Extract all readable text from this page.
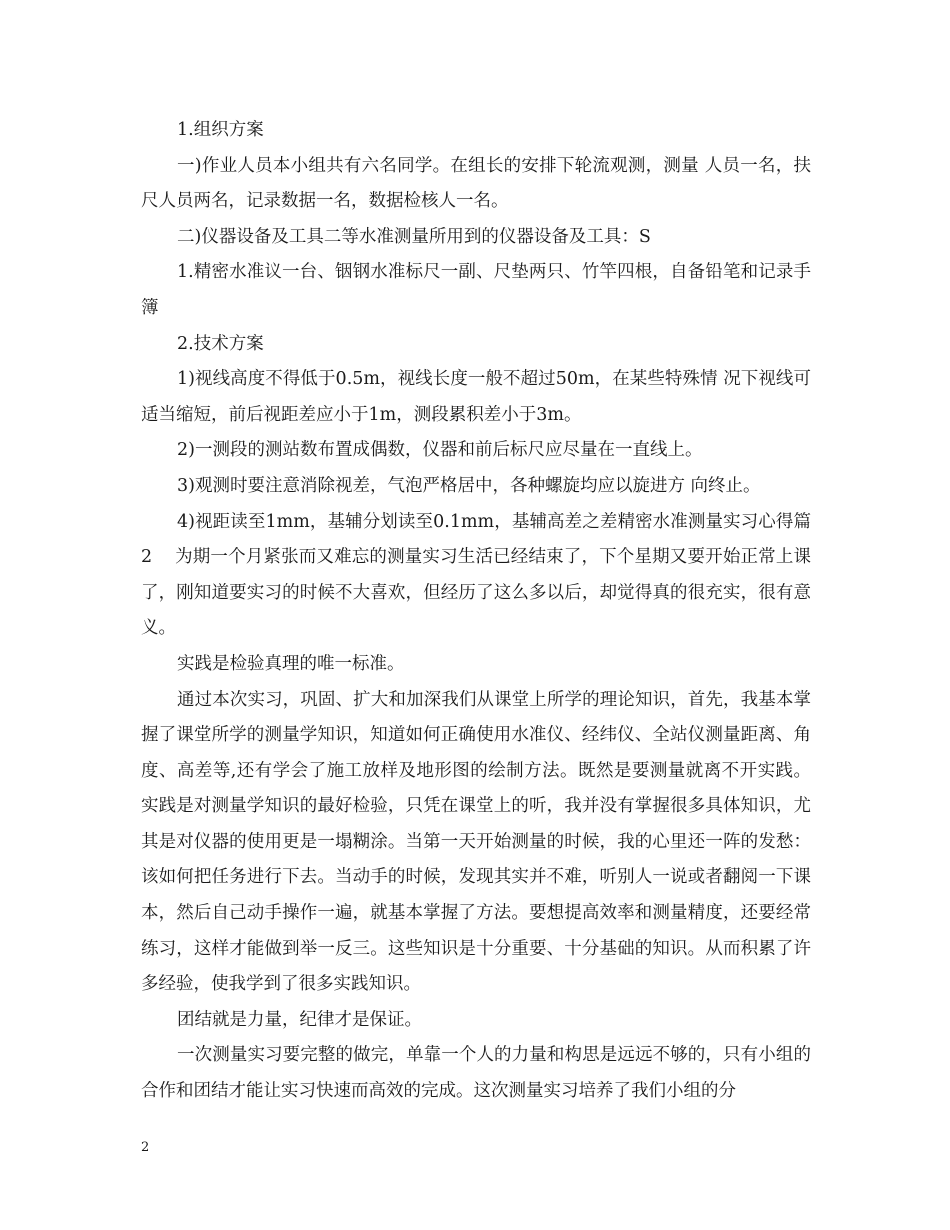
1.组织方案

一)作业人员本小组共有六名同学。在组长的安排下轮流观测，测量 人员一名，扶尺人员两名，记录数据一名，数据检核人一名。

二)仪器设备及工具二等水准测量所用到的仪器设备及工具：S

1.精密水准议一台、铟钢水准标尺一副、尺垫两只、竹竿四根，自备铅笔和记录手簿

2.技术方案

1)视线高度不得低于0.5m，视线长度一般不超过50m，在某些特殊情 况下视线可适当缩短，前后视距差应小于1m，测段累积差小于3m。

2)一测段的测站数布置成偶数，仪器和前后标尺应尽量在一直线上。

3)观测时要注意消除视差，气泡严格居中，各种螺旋均应以旋进方 向终止。

4)视距读至1mm，基辅分划读至0.1mm，基辅高差之差精密水准测量实习心得篇2    为期一个月紧张而又难忘的测量实习生活已经结束了，下个星期又要开始正常上课了，刚知道要实习的时候不大喜欢，但经历了这么多以后，却觉得真的很充实，很有意义。

实践是检验真理的唯一标准。

通过本次实习，巩固、扩大和加深我们从课堂上所学的理论知识，首先，我基本掌握了课堂所学的测量学知识，知道如何正确使用水准仪、经纬仪、全站仪测量距离、角度、高差等,还有学会了施工放样及地形图的绘制方法。既然是要测量就离不开实践。实践是对测量学知识的最好检验，只凭在课堂上的听，我并没有掌握很多具体知识，尤其是对仪器的使用更是一塌糊涂。当第一天开始测量的时候，我的心里还一阵的发愁：该如何把任务进行下去。当动手的时候，发现其实并不难，听别人一说或者翻阅一下课本，然后自己动手操作一遍，就基本掌握了方法。要想提高效率和测量精度，还要经常练习，这样才能做到举一反三。这些知识是十分重要、十分基础的知识。从而积累了许多经验，使我学到了很多实践知识。

团结就是力量，纪律才是保证。

一次测量实习要完整的做完，单靠一个人的力量和构思是远远不够的，只有小组的合作和团结才能让实习快速而高效的完成。这次测量实习培养了我们小组的分

2
